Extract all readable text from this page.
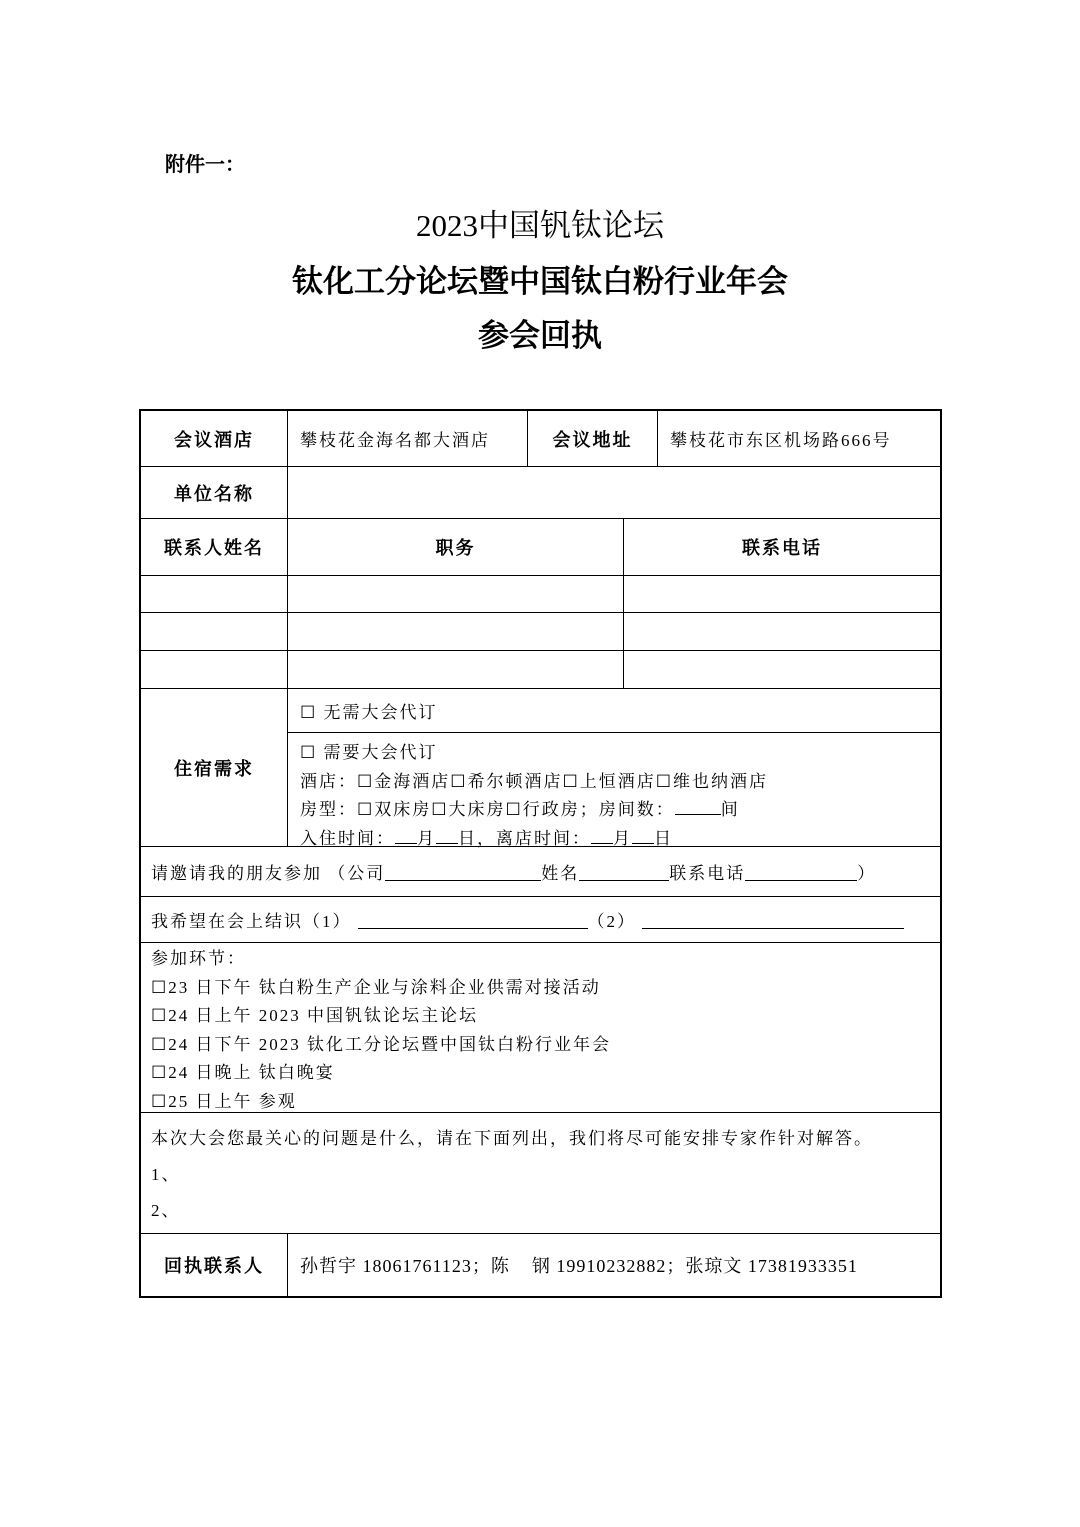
附件一：
2023中国钒钛论坛
钛化工分论坛暨中国钛白粉行业年会
参会回执
会议酒店	攀枝花金海名都大酒店	会议地址	攀枝花市东区机场路666号
单位名称
联系人姓名	职务	联系电话
住宿需求
☐ 无需大会代订
☐ 需要大会代订
酒店：☐金海酒店☐希尔顿酒店☐上恒酒店☐维也纳酒店
房型：☐双床房☐大床房☐行政房；房间数：	间
入住时间： 月 日，离店时间： 月 日
请邀请我的朋友参加 （公司	姓名	联系电话	）
我希望在会上结识（1）	（2）
参加环节：
☐23 日下午 钛白粉生产企业与涂料企业供需对接活动
☐24 日上午 2023 中国钒钛论坛主论坛
☐24 日下午 2023 钛化工分论坛暨中国钛白粉行业年会
☐24 日晚上 钛白晚宴
☐25 日上午 参观
本次大会您最关心的问题是什么，请在下面列出，我们将尽可能安排专家作针对解答。
1、
2、
回执联系人	孙哲宇 18061761123；陈    钢 19910232882；张琼文 17381933351
